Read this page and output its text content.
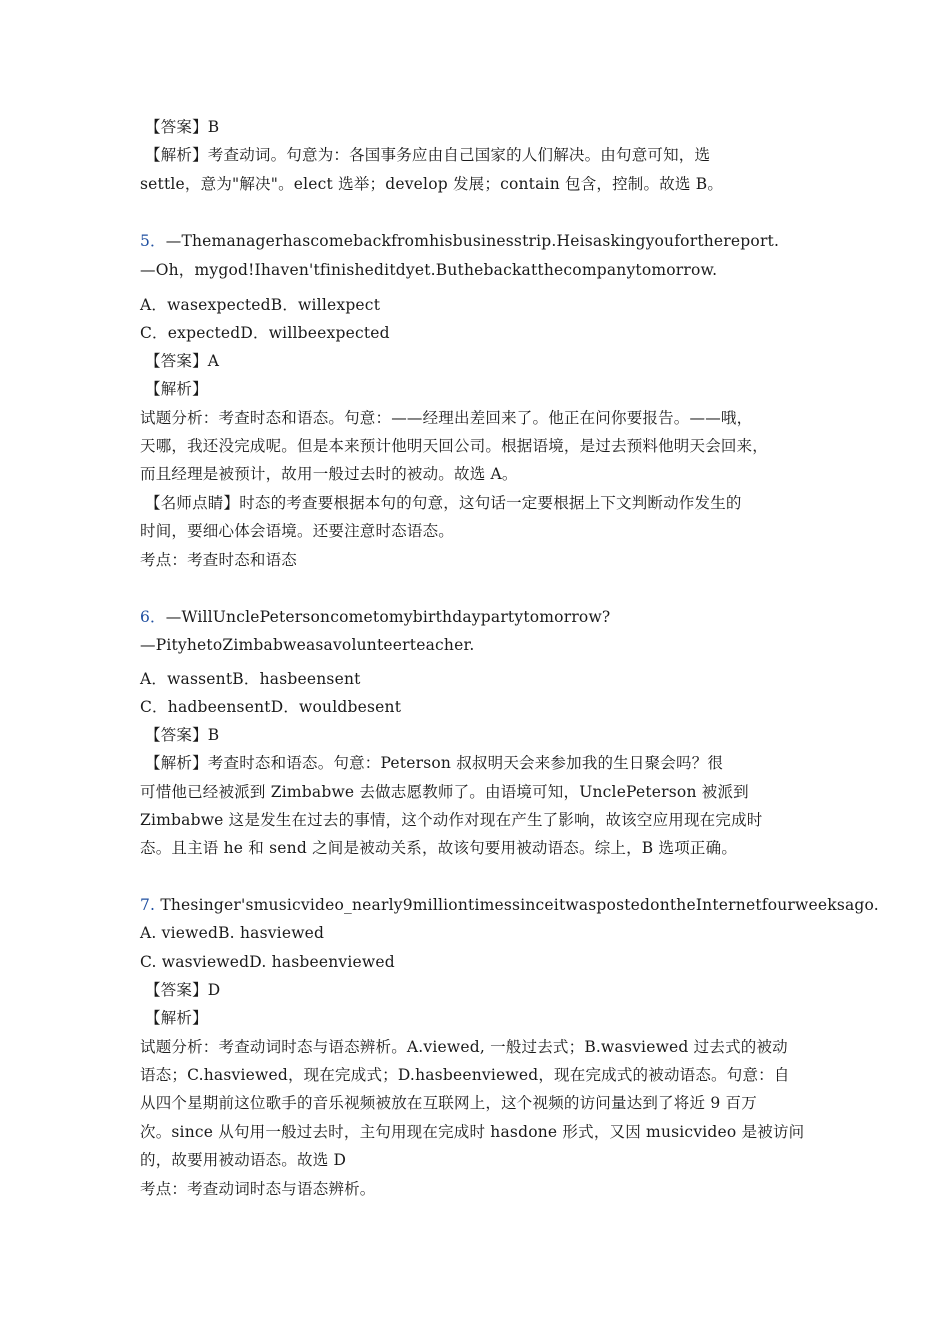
【答案】B
【解析】考查动词。句意为：各国事务应由自己国家的人们解决。由句意可知，选
settle，意为"解决"。elect 选举；develop 发展；contain 包含，控制。故选 B。
5．—Themanagerhascomebackfromhisbusinesstrip.Heisaskingyouforthereport.
—Oh，mygod!Ihaven'tfinisheditdyet.Buthebackatthecompanytomorrow.
A．wasexpectedB．willexpect
C．expectedD．willbeexpected
【答案】A
【解析】
试题分析：考查时态和语态。句意：——经理出差回来了。他正在问你要报告。——哦，
天哪，我还没完成呢。但是本来预计他明天回公司。根据语境，是过去预料他明天会回来，
而且经理是被预计，故用一般过去时的被动。故选 A。
【名师点睛】时态的考查要根据本句的句意，这句话一定要根据上下文判断动作发生的
时间，要细心体会语境。还要注意时态语态。
考点：考查时态和语态
6．—WillUnclePetersoncometomybirthdaypartytomorrow?
—PityhetoZimbabweasavolunteerteacher.
A．wassentB．hasbeensent
C．hadbeensentD．wouldbesent
【答案】B
【解析】考查时态和语态。句意：Peterson 叔叔明天会来参加我的生日聚会吗？很
可惜他已经被派到 Zimbabwe 去做志愿教师了。由语境可知，UnclePeterson 被派到
Zimbabwe 这是发生在过去的事情，这个动作对现在产生了影响，故该空应用现在完成时
态。且主语 he 和 send 之间是被动关系，故该句要用被动语态。综上，B 选项正确。
7. Thesinger'smusicvideo_nearly9milliontimessinceitwaspostedontheInternetfourweeksago.
A. viewedB. hasviewed
C. wasviewedD. hasbeenviewed
【答案】D
【解析】
试题分析：考查动词时态与语态辨析。A.viewed, 一般过去式；B.wasviewed 过去式的被动
语态；C.hasviewed，现在完成式；D.hasbeenviewed，现在完成式的被动语态。句意：自
从四个星期前这位歌手的音乐视频被放在互联网上，这个视频的访问量达到了将近 9 百万
次。since 从句用一般过去时，主句用现在完成时 hasdone 形式，又因 musicvideo 是被访问
的，故要用被动语态。故选 D
考点：考查动词时态与语态辨析。
